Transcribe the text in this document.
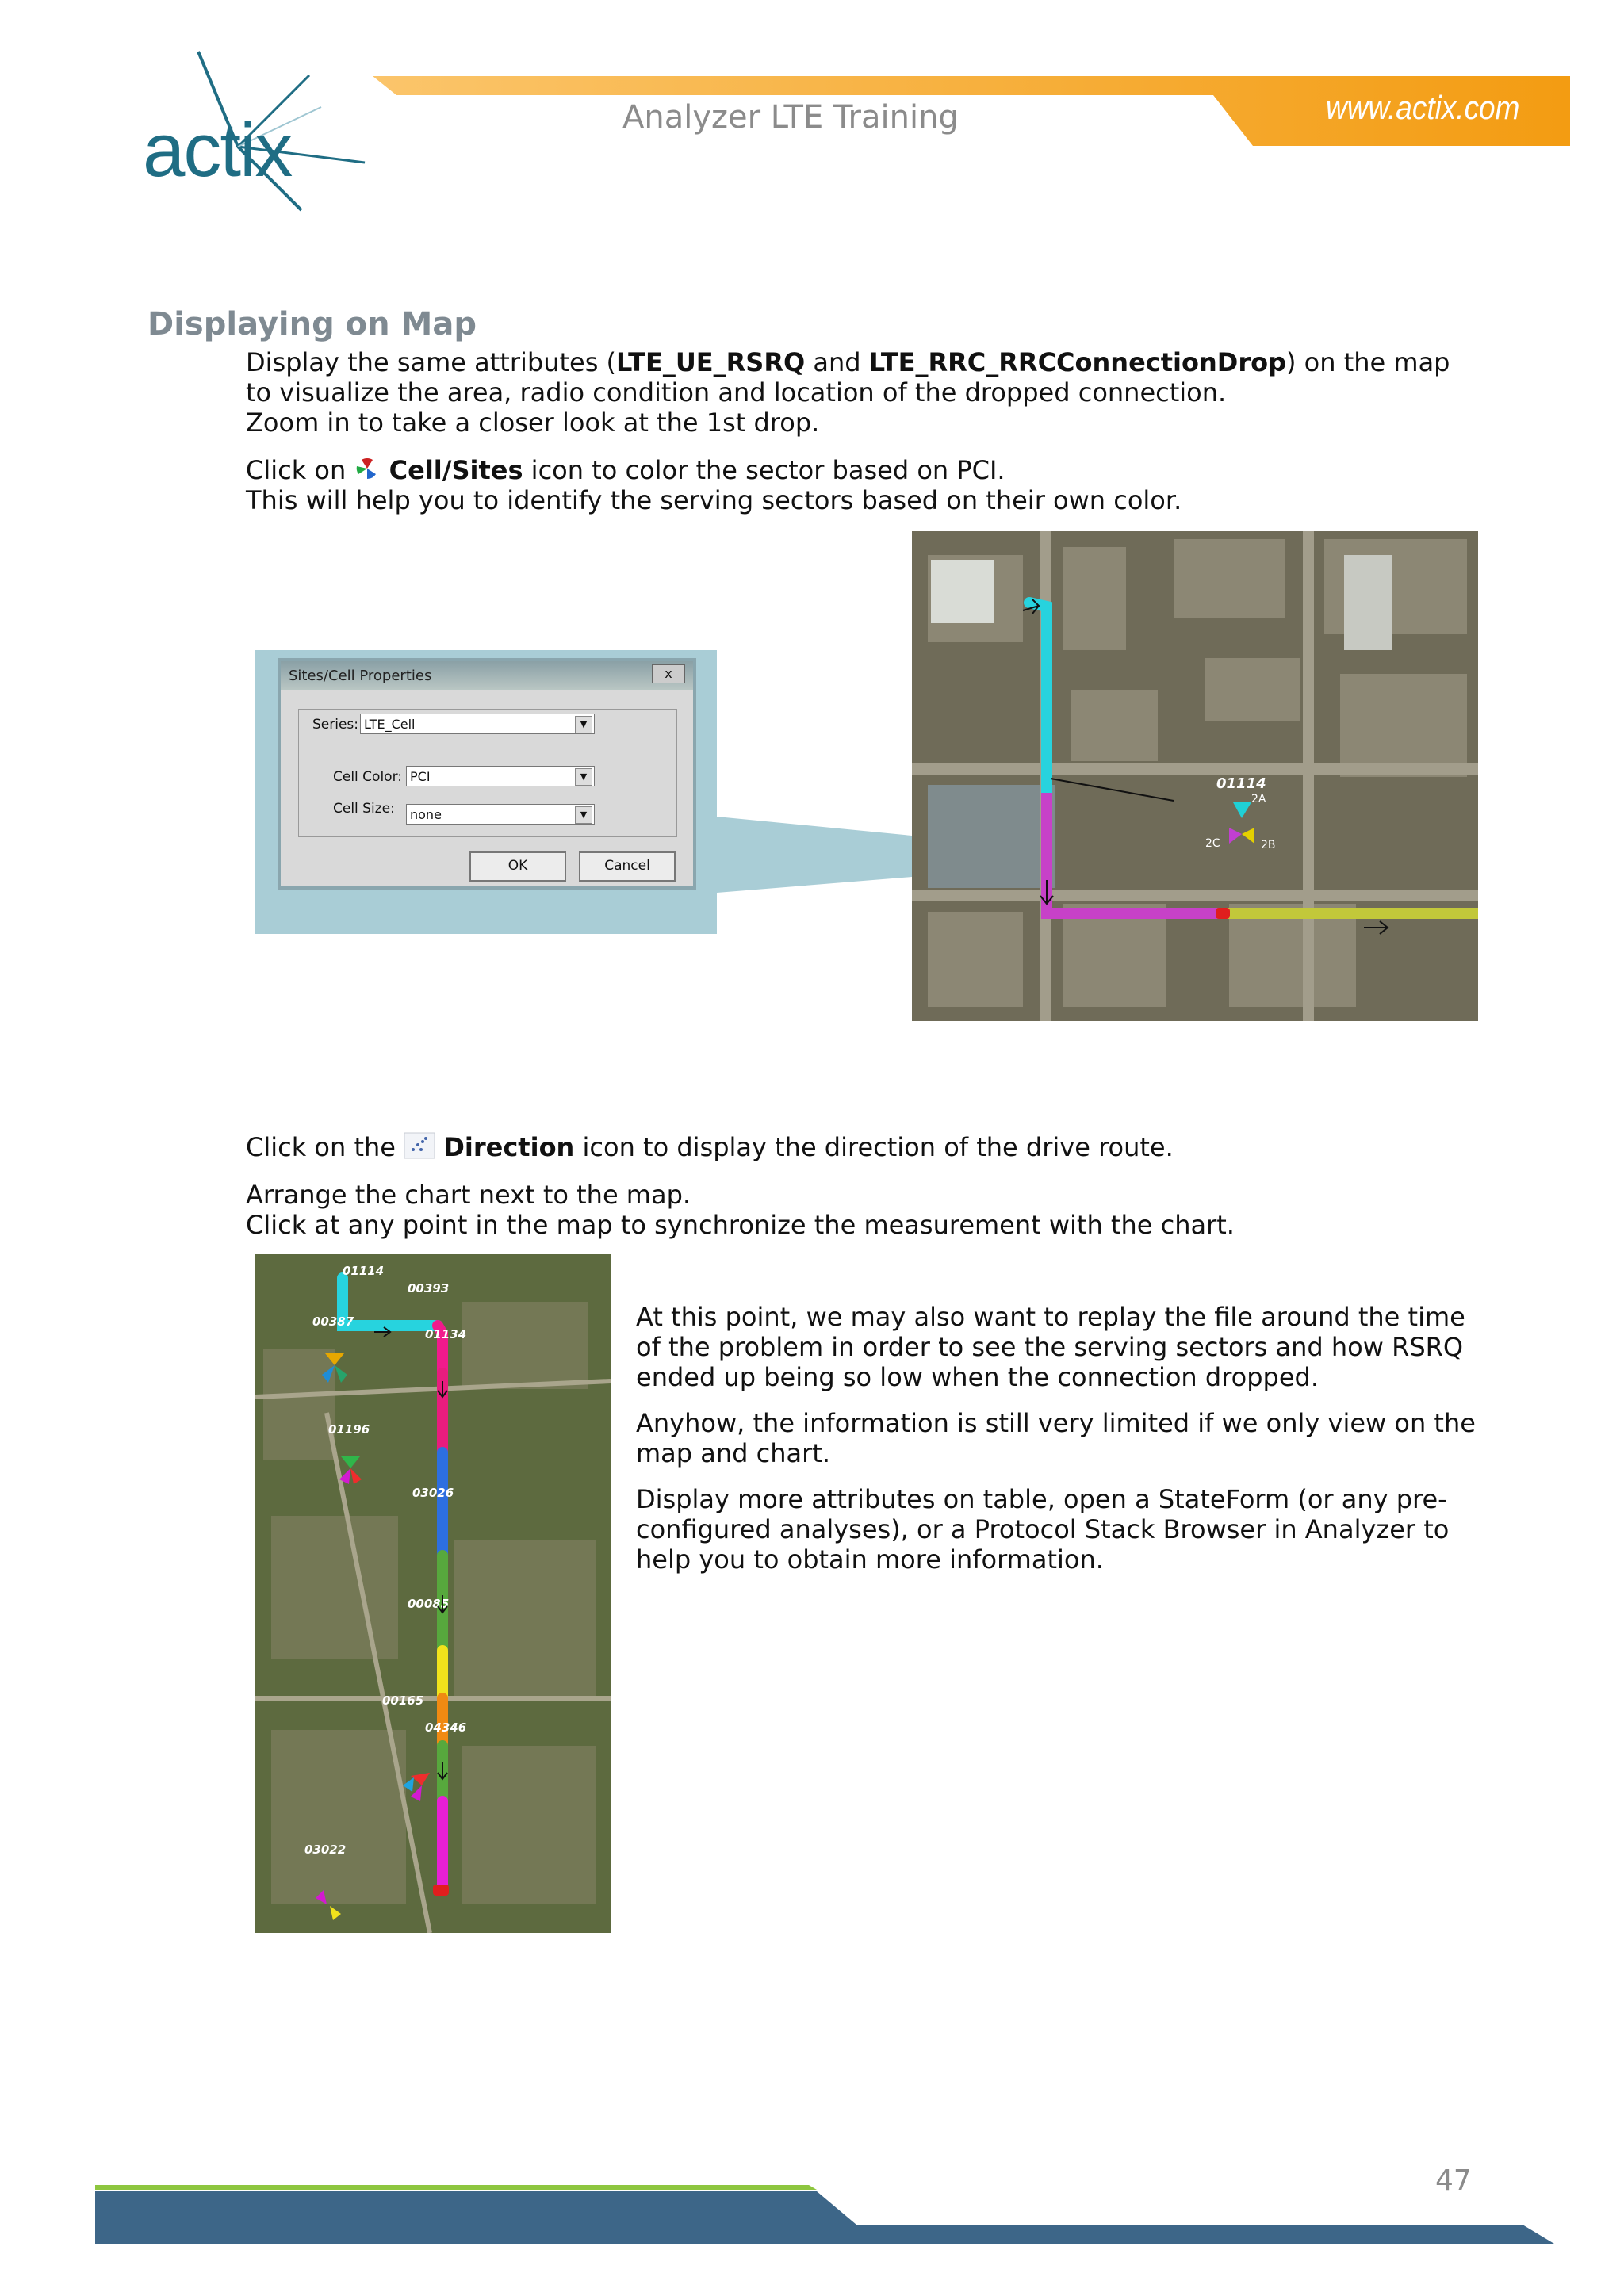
actix	Analyzer LTE Training	www.actix.com
Displaying on Map
Display the same attributes (LTE_UE_RSRQ and LTE_RRC_RRCConnectionDrop) on the map
to visualize the area, radio condition and location of the dropped connection.
Zoom in to take a closer look at the 1st drop.
Click on  Cell/Sites icon to color the sector based on PCI.
This will help you to identify the serving sectors based on their own color.
Sites/Cell Properties	x
Series: LTE_Cell	▼
Cell Color: PCI	▼
Cell Size:	none	▼
OK	Cancel
01114
2A
2C	2B
Click on the  Direction icon to display the direction of the drive route.
Arrange the chart next to the map.
Click at any point in the map to synchronize the measurement with the chart.
01114
00393
00387
01134
01196
03026
00085
00165
04346
03022
At this point, we may also want to replay the file around the time
of the problem in order to see the serving sectors and how RSRQ
ended up being so low when the connection dropped.
Anyhow, the information is still very limited if we only view on the
map and chart.
Display more attributes on table, open a StateForm (or any pre-
configured analyses), or a Protocol Stack Browser in Analyzer to
help you to obtain more information.
47
